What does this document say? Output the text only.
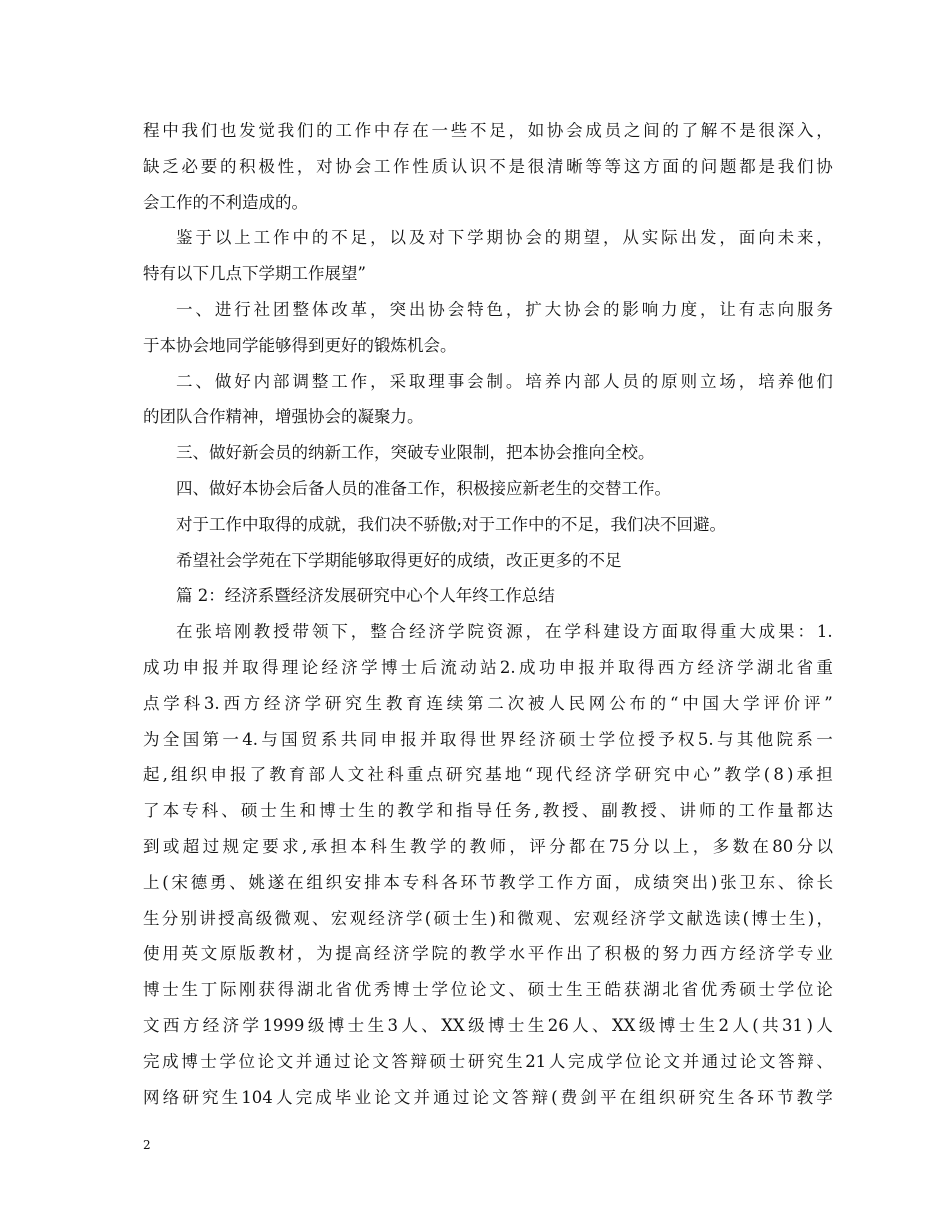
程 中 我 们 也 发 觉 我 们 的 工 作 中 存 在 一 些 不 足 ， 如 协 会 成 员 之 间 的 了 解 不 是 很 深 入 ，
缺 乏 必 要 的 积 极 性 ， 对 协 会 工 作 性 质 认 识 不 是 很 清 晰 等 等 这 方 面 的 问 题 都 是 我 们 协
会工作的不利造成的。
鉴 于 以 上 工 作 中 的 不 足 ， 以 及 对 下 学 期 协 会 的 期 望 ， 从 实 际 出 发 ， 面 向 未 来 ，
特有以下几点下学期工作展望”
一 、 进 行 社 团 整 体 改 革 ， 突 出 协 会 特 色 ， 扩 大 协 会 的 影 响 力 度 ， 让 有 志 向 服 务
于本协会地同学能够得到更好的锻炼机会。
二 、 做 好 内 部 调 整 工 作 ， 采 取 理 事 会 制 。 培 养 内 部 人 员 的 原 则 立 场 ， 培 养 他 们
的团队合作精神，增强协会的凝聚力。
三、做好新会员的纳新工作，突破专业限制，把本协会推向全校。
四、做好本协会后备人员的准备工作，积极接应新老生的交替工作。
对于工作中取得的成就，我们决不骄傲;对于工作中的不足，我们决不回避。
希望社会学苑在下学期能够取得更好的成绩，改正更多的不足
篇 2：经济系暨经济发展研究中心个人年终工作总结
在 张 培 刚 教 授 带 领 下 ， 整 合 经 济 学 院 资 源 ， 在 学 科 建 设 方 面 取 得 重 大 成 果 ： 1.
成 功 申 报 并 取 得 理 论 经 济 学 博 士 后 流 动 站 2. 成 功 申 报 并 取 得 西 方 经 济 学 湖 北 省 重
点 学 科 3. 西 方 经 济 学 研 究 生 教 育 连 续 第 二 次 被 人 民 网 公 布 的 “ 中 国 大 学 评 价 评 ”
为 全 国 第 一 4. 与 国 贸 系 共 同 申 报 并 取 得 世 界 经 济 硕 士 学 位 授 予 权 5. 与 其 他 院 系 一
起 , 组 织 申 报 了 教 育 部 人 文 社 科 重 点 研 究 基 地 “ 现 代 经 济 学 研 究 中 心 ” 教 学 ( 8 ) 承 担
了 本 专 科 、 硕 士 生 和 博 士 生 的 教 学 和 指 导 任 务 , 教 授 、 副 教 授 、 讲 师 的 工 作 量 都 达
到 或 超 过 规 定 要 求 , 承 担 本 科 生 教 学 的 教 师 ， 评 分 都 在 75 分 以 上 ， 多 数 在 80 分 以
上 ( 宋 德 勇 、 姚 遂 在 组 织 安 排 本 专 科 各 环 节 教 学 工 作 方 面 ， 成 绩 突 出 ) 张 卫 东 、 徐 长
生 分 别 讲 授 高 级 微 观 、 宏 观 经 济 学 ( 硕 士 生 ) 和 微 观 、 宏 观 经 济 学 文 献 选 读 ( 博 士 生 ) ，
使 用 英 文 原 版 教 材 ， 为 提 高 经 济 学 院 的 教 学 水 平 作 出 了 积 极 的 努 力 西 方 经 济 学 专 业
博 士 生 丁 际 刚 获 得 湖 北 省 优 秀 博 士 学 位 论 文 、 硕 士 生 王 皓 获 湖 北 省 优 秀 硕 士 学 位 论
文 西 方 经 济 学 1999 级 博 士 生 3 人 、 XX 级 博 士 生 26 人 、 XX 级 博 士 生 2 人 ( 共 31 ) 人
完 成 博 士 学 位 论 文 并 通 过 论 文 答 辩 硕 士 研 究 生 21 人 完 成 学 位 论 文 并 通 过 论 文 答 辩 、
网 络 研 究 生 104 人 完 成 毕 业 论 文 并 通 过 论 文 答 辩 ( 费 剑 平 在 组 织 研 究 生 各 环 节 教 学
2
